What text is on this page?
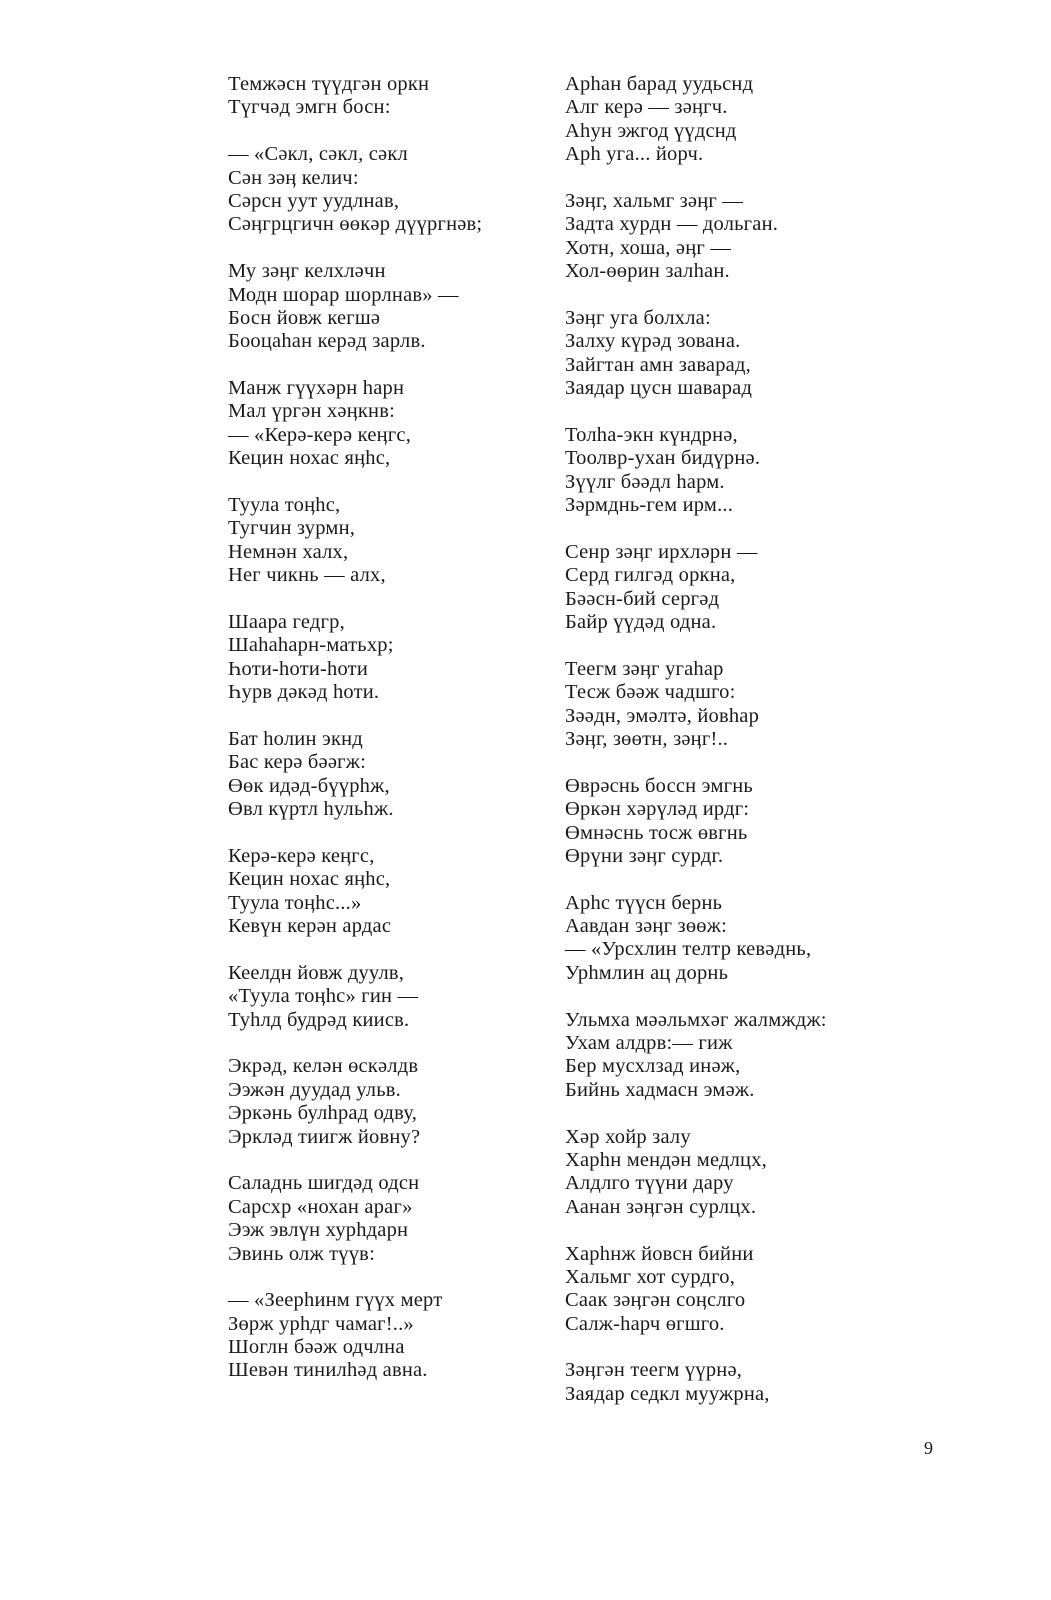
Темжәсн түүдгән оркн
Түгчәд эмгн босн:
— «Сәкл, сәкл, сәкл
Сән зәӊ келич:
Сәрсн уут уудлнав,
Сәӊгрцгичн өөкәр дүүргнәв;
Му зәӊг келхләчн
Модн шорар шорлнав» —
Босн йовж кегшә
Бооцаһан керәд зарлв.
Манж гүүхәрн һарн
Мал үргән хәӊкнв:
— «Керә-керә кеӊгс,
Кецин нохас яӊһс,
Туула тоӊһс,
Тугчин зурмн,
Немнән халх,
Нег чикнь — алх,
Шаара гедгр,
Шаһаһарн-матьхр;
Һоти-һоти-һоти
Һурв дәкәд һоти.
Бат һолин экнд
Бас керә бәәгж:
Өөк идәд-бүүрһж,
Өвл күртл һульһж.
Керә-керә кеӊгс,
Кецин нохас яӊһс,
Туула тоӊһс...»
Кевүн керән ардас
Кеелдн йовж дуулв,
«Туула тоӊһс» гин —
Туһлд будрәд киисв.
Экрәд, келән өскәлдв
Ээжән дуудад ульв.
Эркәнь булһрад одву,
Эркләд тиигж йовну?
Саладнь шигдәд одсн
Сарсхр «нохан араг»
Ээж эвлүн хурһдарн
Эвинь олж түүв:
— «Зеерһинм гүүх мерт
Зөрж урһдг чамаг!..»
Шоглн бәәж одчлна
Шевән тинилһәд авна.
Арһан барад уудьснд
Алг керә — зәӊгч.
Аһун эжгод үүдснд
Арһ уга... йорч.
Зәӊг, хальмг зәӊг —
Задта хурдн — дольган.
Хотн, хоша, әӊг —
Хол-өөрин залһан.
Зәӊг уга болхла:
Залху күрәд зована.
Зайгтан амн заварад,
Заядар цусн шаварад
Толһа-экн күндрнә,
Тоолвр-ухан бидүрнә.
Зүүлг бәәдл һарм.
Зәрмднь-гем ирм...
Сенр зәӊг ирхләрн —
Серд гилгәд оркна,
Бәәсн-бий сергәд
Байр үүдәд одна.
Теегм зәӊг угаһар
Тесж бәәж чадшго:
Зәәдн, эмәлтә, йовһар
Зәӊг, зөөтн, зәӊг!..
Өврәснь боссн эмгнь
Өркән хәрүләд ирдг:
Өмнәснь тосж өвгнь
Өрүни зәӊг сурдг.
Арһс түүсн бернь
Аавдан зәӊг зөөж:
— «Урсхлин телтр кевәднь,
Урһмлин ац дорнь
Ульмха мәәльмхәг жалмждж:
Ухам алдрв:— гиж
Бер мусхлзад инәж,
Бийнь хадмасн эмәж.
Хәр хойр залу
Харһн мендән медлцх,
Алдлго түүни дару
Аанан зәӊгән сурлцх.
Харһнж йовсн бийни
Хальмг хот сурдго,
Саак зәӊгән соӊслго
Салж-һарч өгшго.
Зәӊгән теегм үүрнә,
Заядар седкл муужрна,
9
